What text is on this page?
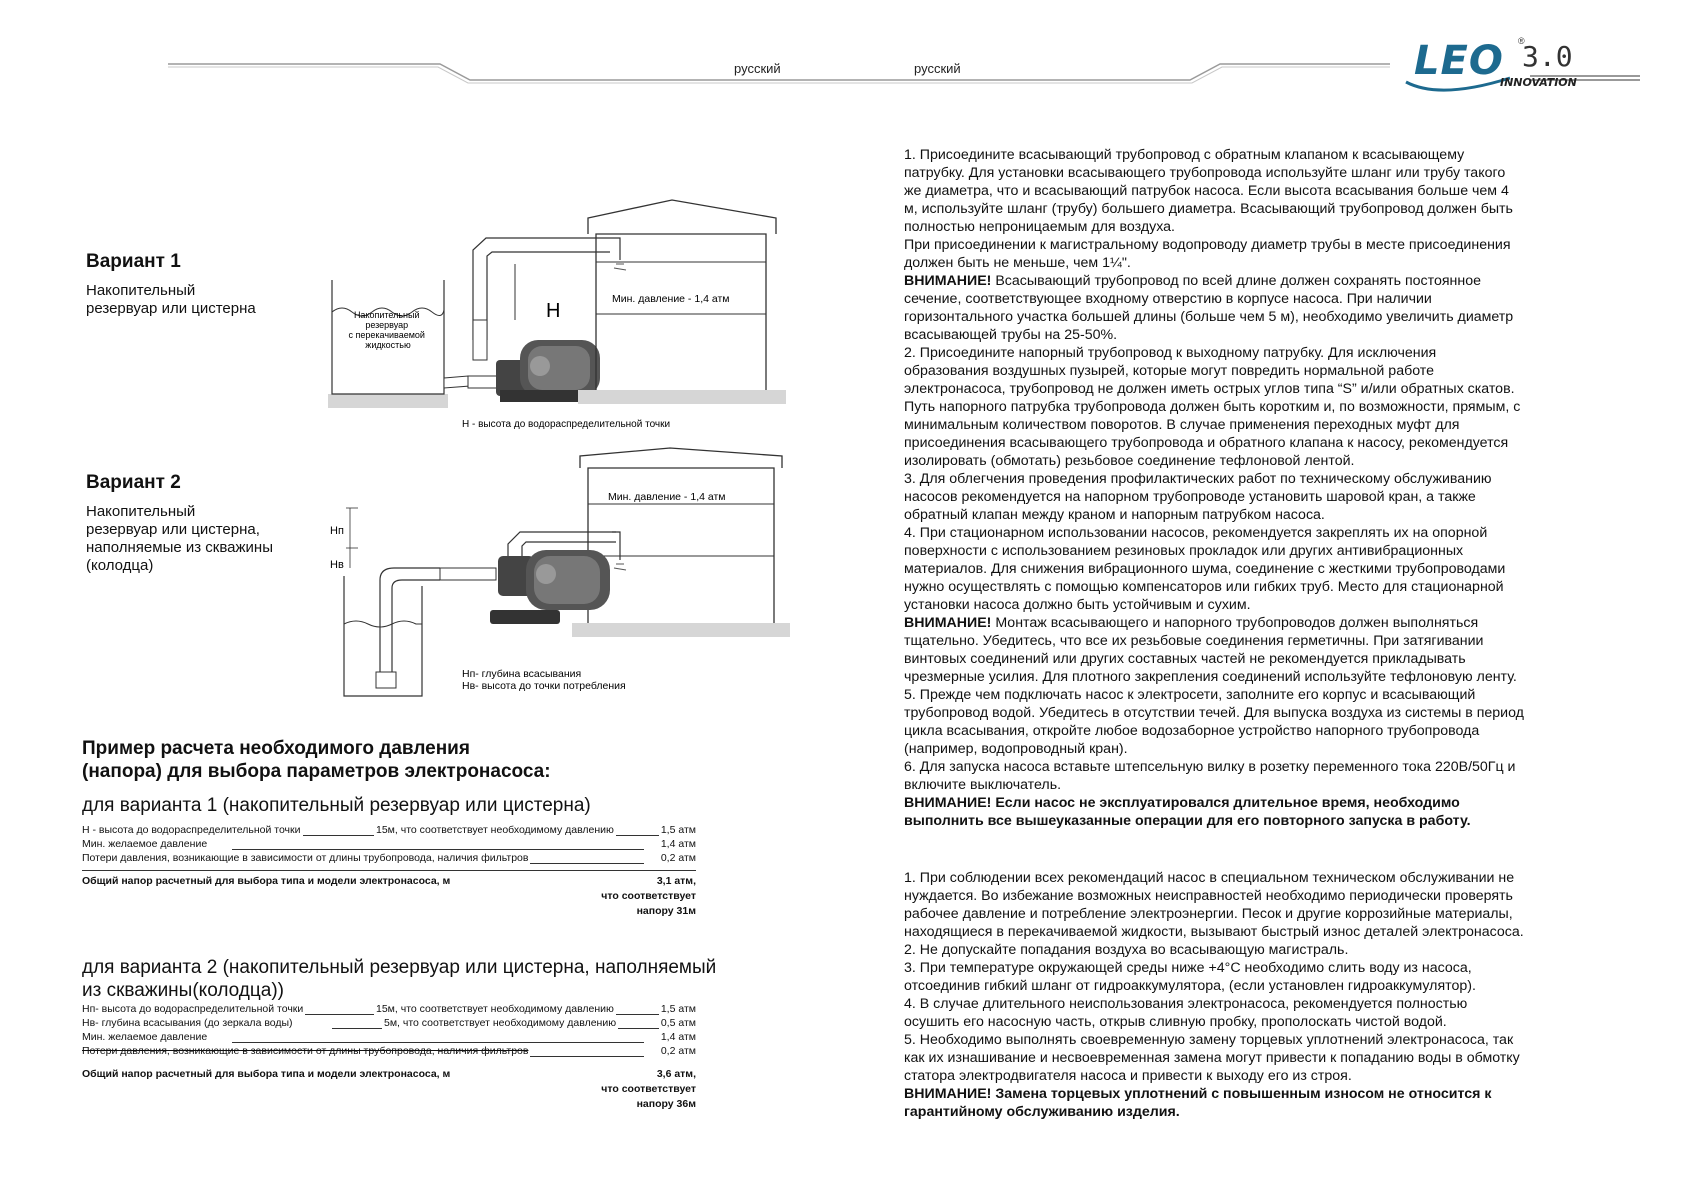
русский	русский	LEO ®
3.0
INNOVATION
Вариант 1
Накопительный
резервуар или цистерна	H
Мин. давление - 1,4 атм
Накопительный резервуар с перекачиваемой жидкостью
H - высота до водораспределительной точки
Вариант 2
Накопительный
резервуар или цистерна,
наполняемые из скважины
(колодца)
Мин. давление - 1,4 атм
Hп
Hв
Hп- глубина всасывания Hв- высота до точки потребления
Пример расчета необходимого давления
(напора) для выбора параметров электронасоса:
для варианта 1 (накопительный резервуар или цистерна)
H - высота до водораспределительной точки	15м, что соответствует необходимому давлению	1,5 атм
Мин. желаемое давление	1,4 атм
Потери давления, возникающие в зависимости от длины трубопровода, наличия фильтров	0,2 атм
Общий напор расчетный для выбора типа и модели электронасоса, м	3,1 атм,
что соответствует
напору 31м
для варианта 2 (накопительный резервуар или цистерна, наполняемый
из скважины(колодца))
Hп- высота до водораспределительной точки	15м, что соответствует необходимому давлению	1,5 атм
Hв- глубина всасывания (до зеркала воды)	5м, что соответствует необходимому давлению	0,5 атм
Мин. желаемое давление	1,4 атм
Потери давления, возникающие в зависимости от длины трубопровода, наличия фильтров	0,2 атм
Общий напор расчетный для выбора типа и модели электронасоса, м	3,6 атм,
что соответствует
напору 36м

1. Присоедините всасывающий трубопровод с обратным клапаном к всасывающему

патрубку. Для установки всасывающего трубопровода используйте шланг или трубу такого

же диаметра, что и всасывающий патрубок насоса. Если высота всасывания больше чем 4

м, используйте шланг (трубу) большего диаметра. Всасывающий трубопровод должен быть

полностью непроницаемым для воздуха.

При присоединении к магистральному водопроводу диаметр трубы в месте присоединения

должен быть не меньше, чем 1¼".

ВНИМАНИЕ! Всасывающий трубопровод по всей длине должен сохранять постоянное

сечение, соответствующее входному отверстию в корпусе насоса. При наличии

горизонтального участка большей длины (больше чем 5 м), необходимо увеличить диаметр

всасывающей трубы на 25-50%.

2. Присоедините напорный трубопровод к выходному патрубку. Для исключения

образования воздушных пузырей, которые могут повредить нормальной работе

электронасоса, трубопровод не должен иметь острых углов типа “S” и/или обратных скатов.

Путь напорного патрубка трубопровода должен быть коротким и, по возможности, прямым, с

минимальным количеством поворотов. В случае применения переходных муфт для

присоединения всасывающего трубопровода и обратного клапана к насосу, рекомендуется

изолировать (обмотать) резьбовое соединение тефлоновой лентой.

3. Для облегчения проведения профилактических работ по техническому обслуживанию

насосов рекомендуется на напорном трубопроводе установить шаровой кран, а также

обратный клапан между краном и напорным патрубком насоса.

4. При стационарном использовании насосов, рекомендуется закреплять их на опорной

поверхности с использованием резиновых прокладок или других антивибрационных

материалов. Для снижения вибрационного шума, соединение с жесткими трубопроводами

нужно осуществлять с помощью компенсаторов или гибких труб. Место для стационарной

установки насоса должно быть устойчивым и сухим.

ВНИМАНИЕ! Монтаж всасывающего и напорного трубопроводов должен выполняться

тщательно. Убедитесь, что все их резьбовые соединения герметичны. При затягивании

винтовых соединений или других составных частей не рекомендуется прикладывать

чрезмерные усилия. Для плотного закрепления соединений используйте тефлоновую ленту.

5. Прежде чем подключать насос к электросети, заполните его корпус и всасывающий

трубопровод водой. Убедитесь в отсутствии течей. Для выпуска воздуха из системы в период

цикла всасывания, откройте любое водозаборное устройство напорного трубопровода

(например, водопроводный кран).

6. Для запуска насоса вставьте штепсельную вилку в розетку переменного тока 220В/50Гц и

включите выключатель.

ВНИМАНИЕ! Если насос не эксплуатировался длительное время, необходимо

выполнить все вышеуказанные операции для его повторного запуска в работу.

1. При соблюдении всех рекомендаций насос в специальном техническом обслуживании не

нуждается. Во избежание возможных неисправностей необходимо периодически проверять

рабочее давление и потребление электроэнергии. Песок и другие коррозийные материалы,

находящиеся в перекачиваемой жидкости, вызывают быстрый износ деталей электронасоса.

2. Не допускайте попадания воздуха во всасывающую магистраль.

3. При температуре окружающей среды ниже +4°С необходимо слить воду из насоса,

отсоединив гибкий шланг от гидроаккумулятора, (если установлен гидроаккумулятор).

4. В случае длительного неиспользования электронасоса, рекомендуется полностью

осушить его насосную часть, открыв сливную пробку, прополоскать чистой водой.

5. Необходимо выполнять своевременную замену торцевых уплотнений электронасоса, так

как их изнашивание и несвоевременная замена могут привести к попаданию воды в обмотку

статора электродвигателя насоса и привести к выходу его из строя.

ВНИМАНИЕ! Замена торцевых уплотнений с повышенным износом не относится к

гарантийному обслуживанию изделия.
